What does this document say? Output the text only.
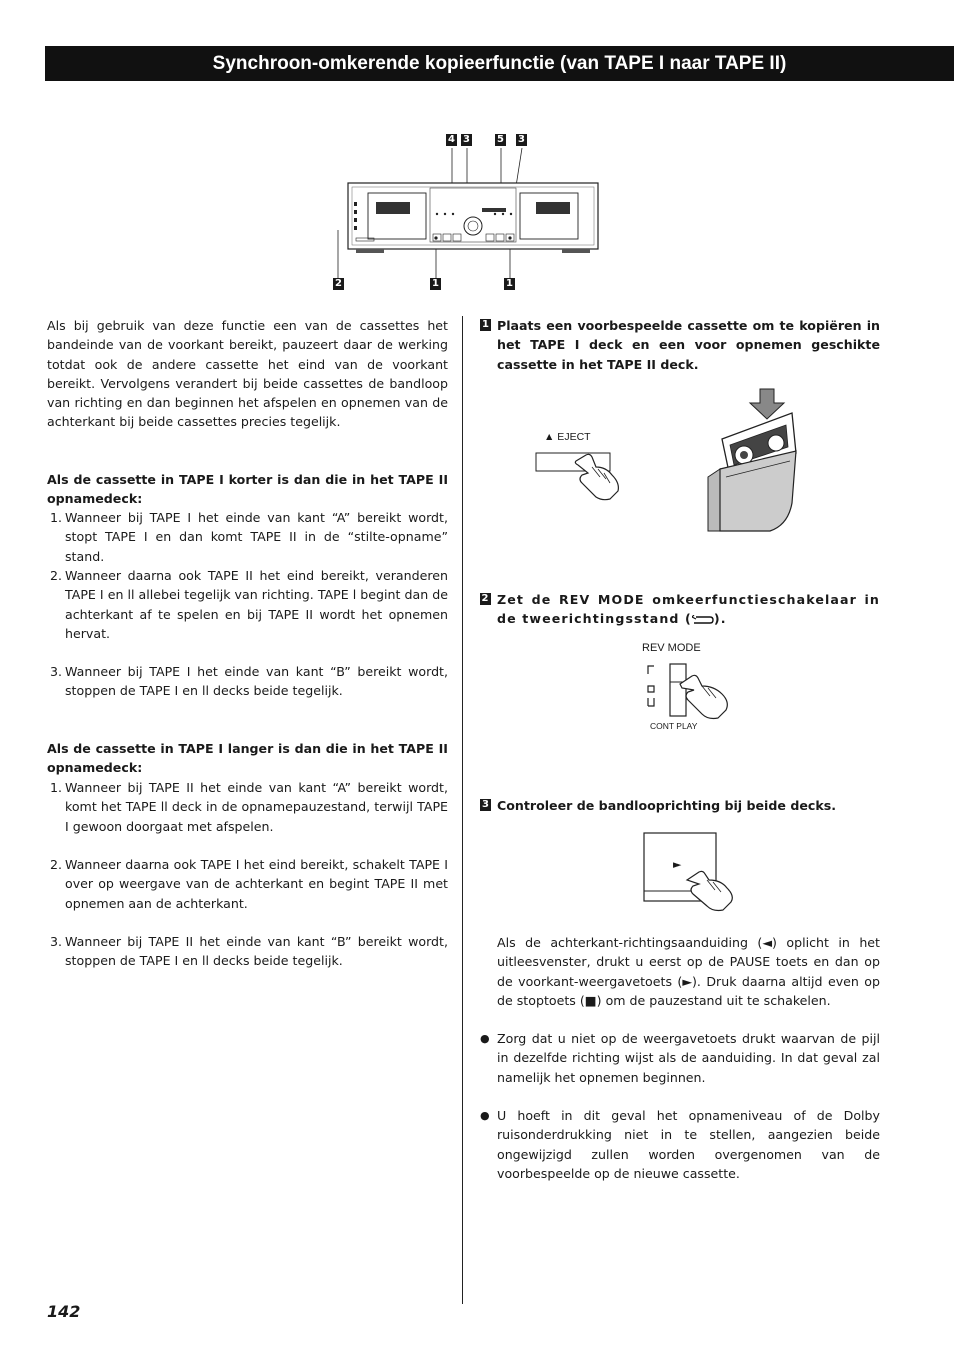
Synchroon-omkerende kopieerfunctie (van TAPE I naar TAPE II)
4 3	5 3
2	1	1
Als bij gebruik van deze functie een van de cassettes het bandeinde van de voorkant bereikt, pauzeert daar de werking totdat ook de andere cassette het eind van de voorkant bereikt. Vervolgens verandert bij beide cassettes de bandloop van richting en dan beginnen het afspelen en opnemen van de achterkant bij beide cassettes precies tegelijk.
Als de cassette in TAPE I korter is dan die in het TAPE II opnamedeck:
1. Wanneer bij TAPE I het einde van kant “A” bereikt wordt, stopt TAPE I en dan komt TAPE II in de “stilte-opname” stand.
2. Wanneer daarna ook TAPE II het eind bereikt, veranderen TAPE I en ll allebei tegelijk van richting. TAPE l begint dan de achterkant af te spelen en bij TAPE II wordt het opnemen hervat.
3. Wanneer bij TAPE I het einde van kant “B” bereikt wordt, stoppen de TAPE I en ll decks beide tegelijk.
Als de cassette in TAPE I langer is dan die in het TAPE II opnamedeck:
1. Wanneer bij TAPE II het einde van kant “A” bereikt wordt, komt het TAPE ll deck in de opnamepauzestand, terwijl TAPE I gewoon doorgaat met afspelen.
2. Wanneer daarna ook TAPE I het eind bereikt, schakelt TAPE I over op weergave van de achterkant en begint TAPE II met opnemen aan de achterkant.
3. Wanneer bij TAPE II het einde van kant “B” bereikt wordt, stoppen de TAPE I en ll decks beide tegelijk.
1 Plaats een voorbespeelde cassette om te kopiëren in het TAPE I deck en een voor opnemen geschikte cassette in het TAPE II deck.
▲ EJECT
2 Zet de REV MODE omkeerfunctieschakelaar in de tweerichtingsstand ( ).
REV MODE
CONT PLAY
3 Controleer de bandlooprichting bij beide decks.
►
Als de achterkant-richtingsaanduiding (◄) oplicht in het uitleesvenster, drukt u eerst op de PAUSE toets en dan op de voorkant-weergavetoets (►). Druk daarna altijd even op de stoptoets (■) om de pauzestand uit te schakelen.
● Zorg dat u niet op de weergavetoets drukt waarvan de pijl in dezelfde richting wijst als de aanduiding. In dat geval zal namelijk het opnemen beginnen.
● U hoeft in dit geval het opnameniveau of de Dolby ruisonderdrukking niet in te stellen, aangezien beide ongewijzigd zullen worden overgenomen van de voorbespeelde op de nieuwe cassette.
142
